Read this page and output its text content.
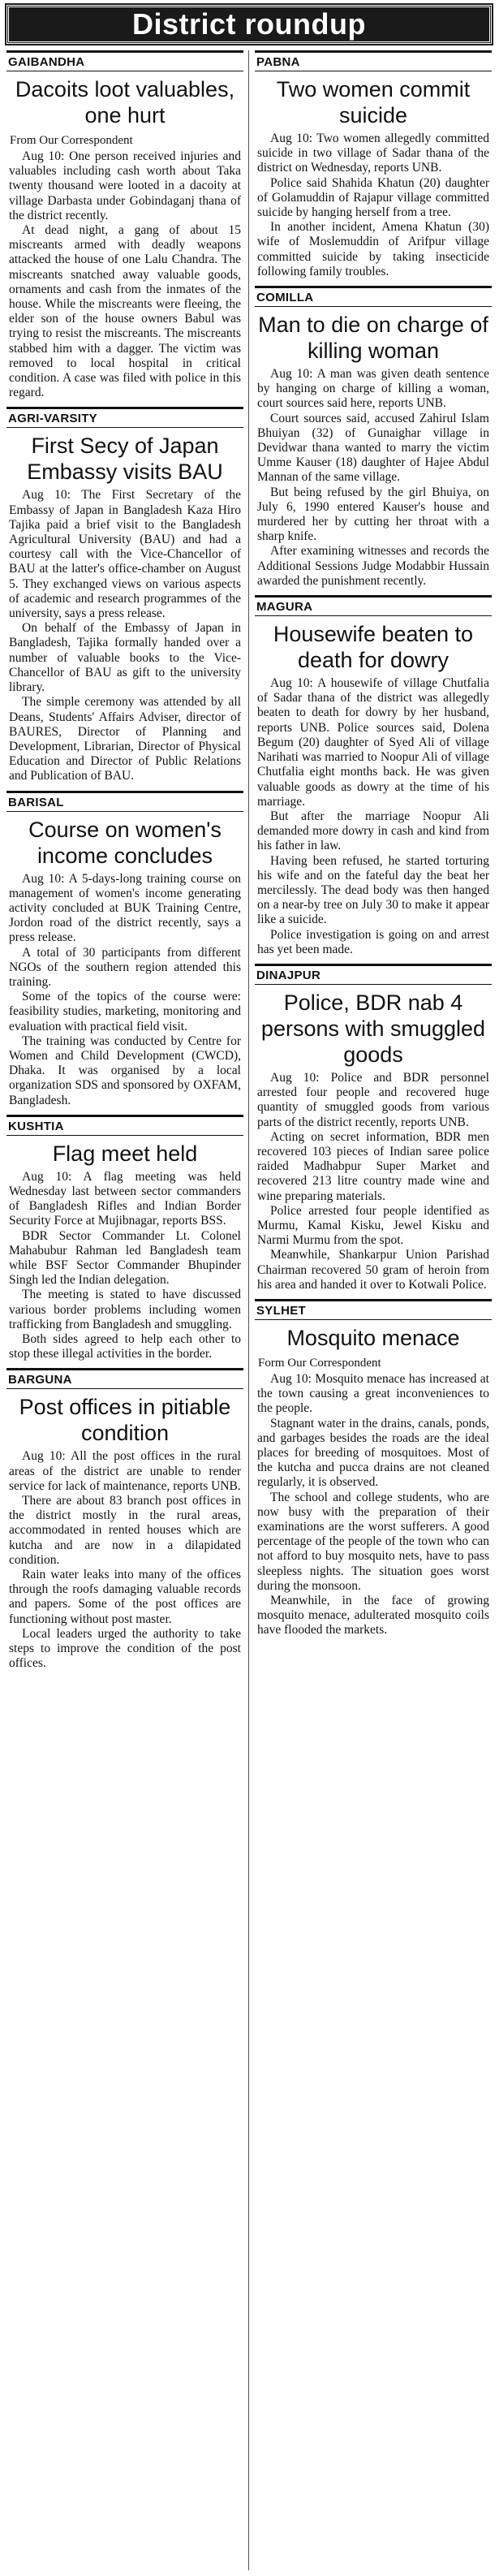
District roundup
GAIBANDHA
Dacoits loot valuables, one hurt
From Our Correspondent

Aug 10: One person received injuries and valuables including cash worth about Taka twenty thousand were looted in a dacoity at village Darbasta under Gobindaganj thana of the district recently.

At dead night, a gang of about 15 miscreants armed with deadly weapons attacked the house of one Lalu Chandra. The miscreants snatched away valuable goods, ornaments and cash from the inmates of the house. While the miscreants were fleeing, the elder son of the house owners Babul was trying to resist the miscreants. The miscreants stabbed him with a dagger. The victim was removed to local hospital in critical condition. A case was filed with police in this regard.

AGRI-VARSITY
First Secy of Japan Embassy visits BAU

Aug 10: The First Secretary of the Embassy of Japan in Bangladesh Kaza Hiro Tajika paid a brief visit to the Bangladesh Agricultural University (BAU) and had a courtesy call with the Vice-Chancellor of BAU at the latter's office-chamber on August 5. They exchanged views on various aspects of academic and research programmes of the university, says a press release.

On behalf of the Embassy of Japan in Bangladesh, Tajika formally handed over a number of valuable books to the Vice-Chancellor of BAU as gift to the university library.

The simple ceremony was attended by all Deans, Students' Affairs Adviser, director of BAURES, Director of Planning and Development, Librarian, Director of Physical Education and Director of Public Relations and Publication of BAU.

BARISAL
Course on women's income concludes

Aug 10: A 5-days-long training course on management of women's income generating activity concluded at BUK Training Centre, Jordon road of the district recently, says a press release.

A total of 30 participants from different NGOs of the southern region attended this training.

Some of the topics of the course were: feasibility studies, marketing, monitoring and evaluation with practical field visit.

The training was conducted by Centre for Women and Child Development (CWCD), Dhaka. It was organised by a local organization SDS and sponsored by OXFAM, Bangladesh.

KUSHTIA
Flag meet held

Aug 10: A flag meeting was held Wednesday last between sector commanders of Bangladesh Rifles and Indian Border Security Force at Mujibnagar, reports BSS.

BDR Sector Commander Lt. Colonel Mahabubur Rahman led Bangladesh team while BSF Sector Commander Bhupinder Singh led the Indian delegation.

The meeting is stated to have discussed various border problems including women trafficking from Bangladesh and smuggling.

Both sides agreed to help each other to stop these illegal activities in the border.

BARGUNA
Post offices in pitiable condition

Aug 10: All the post offices in the rural areas of the district are unable to render service for lack of maintenance, reports UNB.

There are about 83 branch post offices in the district mostly in the rural areas, accommodated in rented houses which are kutcha and are now in a dilapidated condition.

Rain water leaks into many of the offices through the roofs damaging valuable records and papers. Some of the post offices are functioning without post master.

Local leaders urged the authority to take steps to improve the condition of the post offices.

PABNA
Two women commit suicide

Aug 10: Two women allegedly committed suicide in two village of Sadar thana of the district on Wednesday, reports UNB.

Police said Shahida Khatun (20) daughter of Golamuddin of Rajapur village committed suicide by hanging herself from a tree.

In another incident, Amena Khatun (30) wife of Moslemuddin of Arifpur village committed suicide by taking insecticide following family troubles.

COMILLA
Man to die on charge of killing woman

Aug 10: A man was given death sentence by hanging on charge of killing a woman, court sources said here, reports UNB.

Court sources said, accused Zahirul Islam Bhuiyan (32) of Gunaighar village in Devidwar thana wanted to marry the victim Umme Kauser (18) daughter of Hajee Abdul Mannan of the same village.

But being refused by the girl Bhuiya, on July 6, 1990 entered Kauser's house and murdered her by cutting her throat with a sharp knife.

After examining witnesses and records the Additional Sessions Judge Modabbir Hussain awarded the punishment recently.

MAGURA
Housewife beaten to death for dowry

Aug 10: A housewife of village Chutfalia of Sadar thana of the district was allegedly beaten to death for dowry by her husband, reports UNB. Police sources said, Dolena Begum (20) daughter of Syed Ali of village Narihati was married to Noopur Ali of village Chutfalia eight months back. He was given valuable goods as dowry at the time of his marriage.

But after the marriage Noopur Ali demanded more dowry in cash and kind from his father in law.

Having been refused, he started torturing his wife and on the fateful day the beat her mercilessly. The dead body was then hanged on a near-by tree on July 30 to make it appear like a suicide.

Police investigation is going on and arrest has yet been made.

DINAJPUR
Police, BDR nab 4 persons with smuggled goods

Aug 10: Police and BDR personnel arrested four people and recovered huge quantity of smuggled goods from various parts of the district recently, reports UNB.

Acting on secret information, BDR men recovered 103 pieces of Indian saree police raided Madhabpur Super Market and recovered 213 litre country made wine and wine preparing materials.

Police arrested four people identified as Murmu, Kamal Kisku, Jewel Kisku and Narmi Murmu from the spot.

Meanwhile, Shankarpur Union Parishad Chairman recovered 50 gram of heroin from his area and handed it over to Kotwali Police.

SYLHET
Mosquito menace
Form Our Correspondent

Aug 10: Mosquito menace has increased at the town causing a great inconveniences to the people.

Stagnant water in the drains, canals, ponds, and garbages besides the roads are the ideal places for breeding of mosquitoes. Most of the kutcha and pucca drains are not cleaned regularly, it is observed.

The school and college students, who are now busy with the preparation of their examinations are the worst sufferers. A good percentage of the people of the town who can not afford to buy mosquito nets, have to pass sleepless nights. The situation goes worst during the monsoon.

Meanwhile, in the face of growing mosquito menace, adulterated mosquito coils have flooded the markets.
